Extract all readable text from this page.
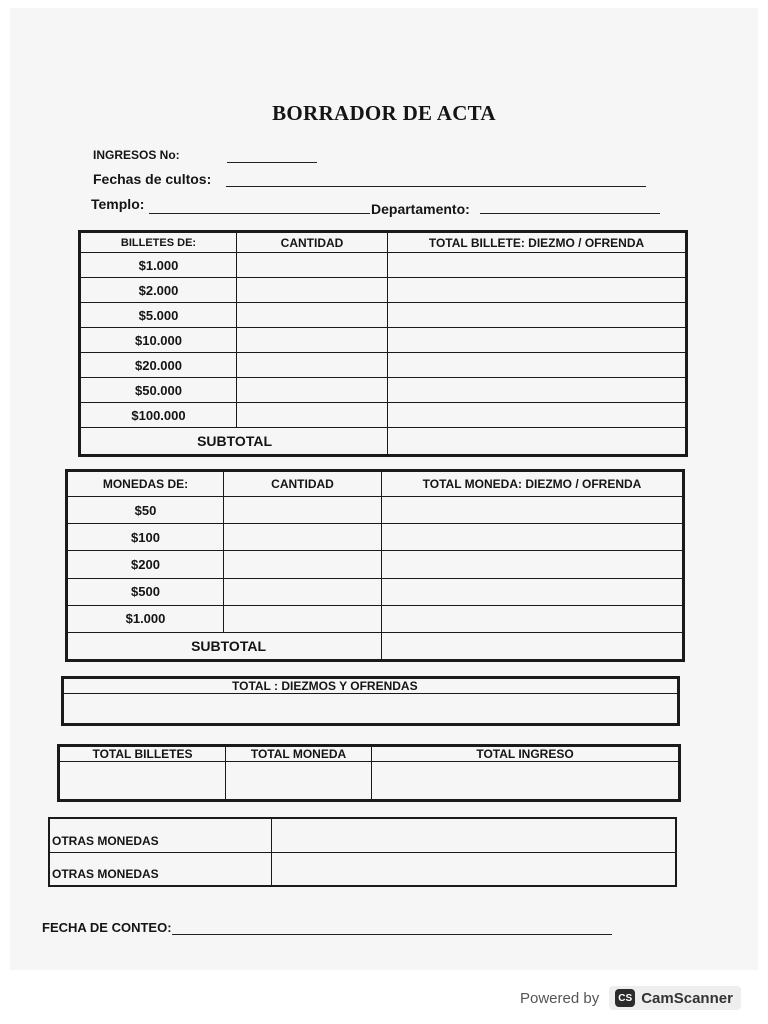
BORRADOR DE ACTA
INGRESOS No:
Fechas de cultos:
Templo:	Departamento:
BILLETES DE:	CANTIDAD	TOTAL BILLETE: DIEZMO / OFRENDA
$1.000		
$2.000		
$5.000		
$10.000		
$20.000		
$50.000		
$100.000		
SUBTOTAL		
MONEDAS DE:	CANTIDAD	TOTAL MONEDA: DIEZMO / OFRENDA
$50		
$100		
$200		
$500		
$1.000		
SUBTOTAL		
TOTAL : DIEZMOS Y OFRENDAS

TOTAL BILLETES	TOTAL MONEDA	TOTAL INGRESO

OTRAS MONEDAS	
OTRAS MONEDAS	
FECHA DE CONTEO:
Powered by	CS CamScanner
